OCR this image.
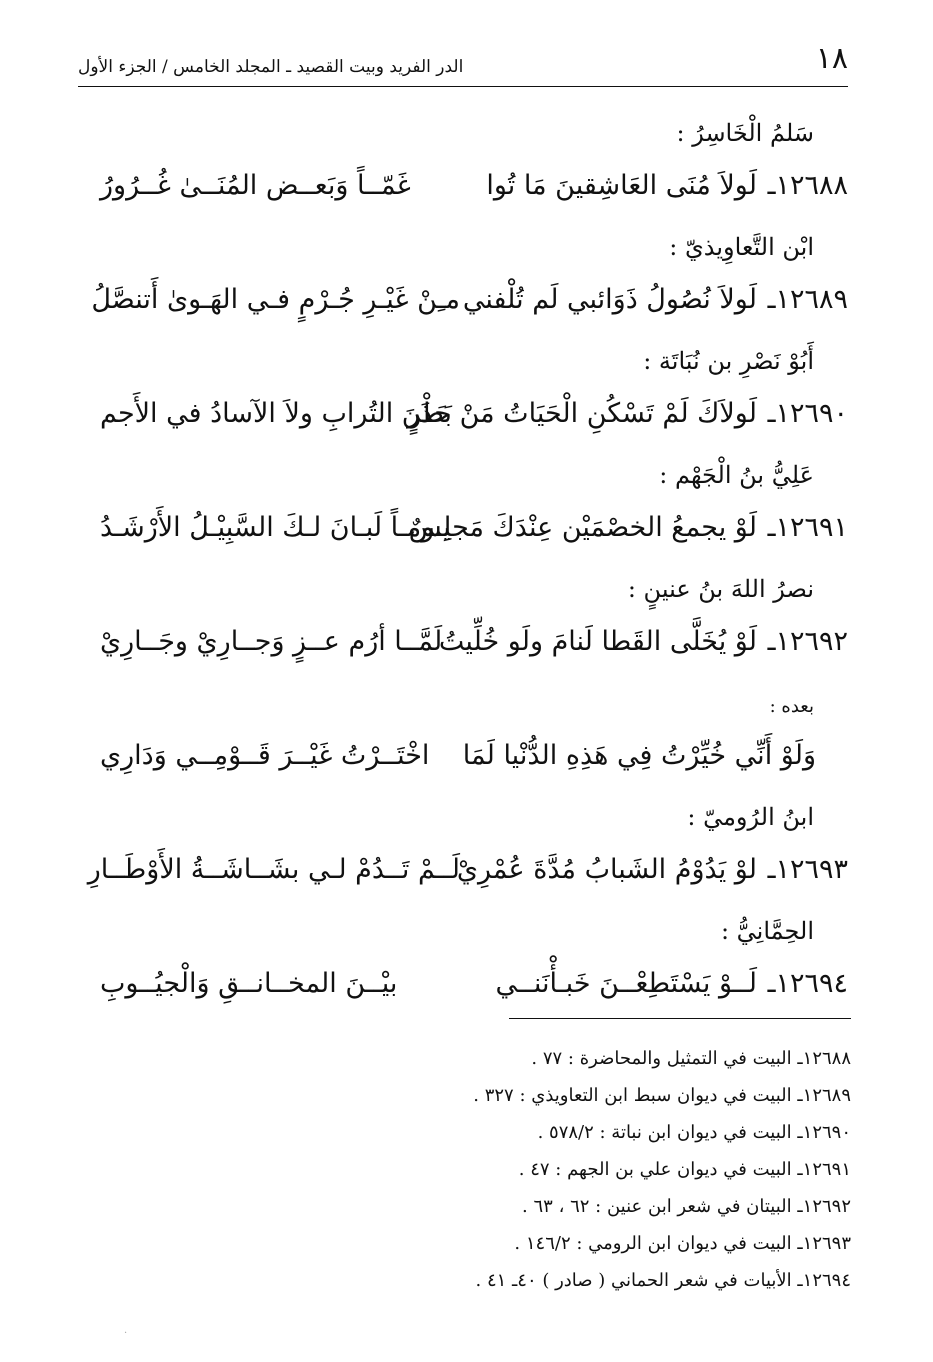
١٨
الدر الفريد وبيت القصيد ـ المجلد الخامس / الجزء الأول
سَلمُ الْخَاسِرُ :
١٢٦٨٨ـ لَولاَ مُنَى العَاشِقينَ مَا تُوا
غَمّــاً وَبَعــض المُنَــىٰ غُــرُورُ
ابْن التَّعاوِيذيّ :
١٢٦٨٩ـ لَولاَ نُصُولُ ذَوَائبي لَم تُلْفني
مـِنْ غَيْـرِ جُـرْمٍ فـي الهَـوىٰ أَتنصَّلُ
أَبُوْ نَصْرِ بن نُبَاتَة :
١٢٦٩٠ـ لَولاَكَ لَمْ تَسْكُنِ الْحَيَاتُ مَنْ حَذَرٍ
بَطْنَ التُرابِ ولاَ الآسادُ في الأَجم
عَلِيُّ بنُ الْجَهْم :
١٢٦٩١ـ لَوْ يجمعُ الخصْمَيْن عِنْدَكَ مَجلِسٌ
يـومـاً لَبـانَ لـكَ السَّبِيْـلُ الأَرْشَـدُ
نصرُ اللهَ بنُ عنينٍ :
١٢٦٩٢ـ لَوْ يُخَلَّى القَطا لَنامَ ولَو خُلِّيتُ
لَمَّــا أرُم عــزٍ وَجــارِيْ وجَــارِيْ
بعده :
وَلَوْ أَنِّي خُيِّرْتُ فِي هَذِهِ الدُّنْيا لَمَا
اخْتَــرْتُ غَيْــرَ قَــوْمِــي وَدَارِي
ابنُ الرُوميّ :
١٢٦٩٣ـ لوْ يَدُوْمُ الشَبابُ مُدَّةَ عُمْرِيْ
لَــمْ تَــدُمْ لـي بشَــاشَــةُ الأَوْطَــارِ
الحِمَّانِيُّ :
١٢٦٩٤ـ لَــوْ يَسْتَطِعْــنَ خَبـأْنَنــي
بيْــنَ المخــانــقِ وَالْجيُــوبِ
١٢٦٨٨ـ البيت في التمثيل والمحاضرة : ٧٧ .
١٢٦٨٩ـ البيت في ديوان سبط ابن التعاويذي : ٣٢٧ .
١٢٦٩٠ـ البيت في ديوان ابن نباتة : ٥٧٨/٢ .
١٢٦٩١ـ البيت في ديوان علي بن الجهم : ٤٧ .
١٢٦٩٢ـ البيتان في شعر ابن عنين : ٦٢ ، ٦٣ .
١٢٦٩٣ـ البيت في ديوان ابن الرومي : ١٤٦/٢ .
١٢٦٩٤ـ الأبيات في شعر الحماني ( صادر ) ٤٠ـ ٤١ .
·
